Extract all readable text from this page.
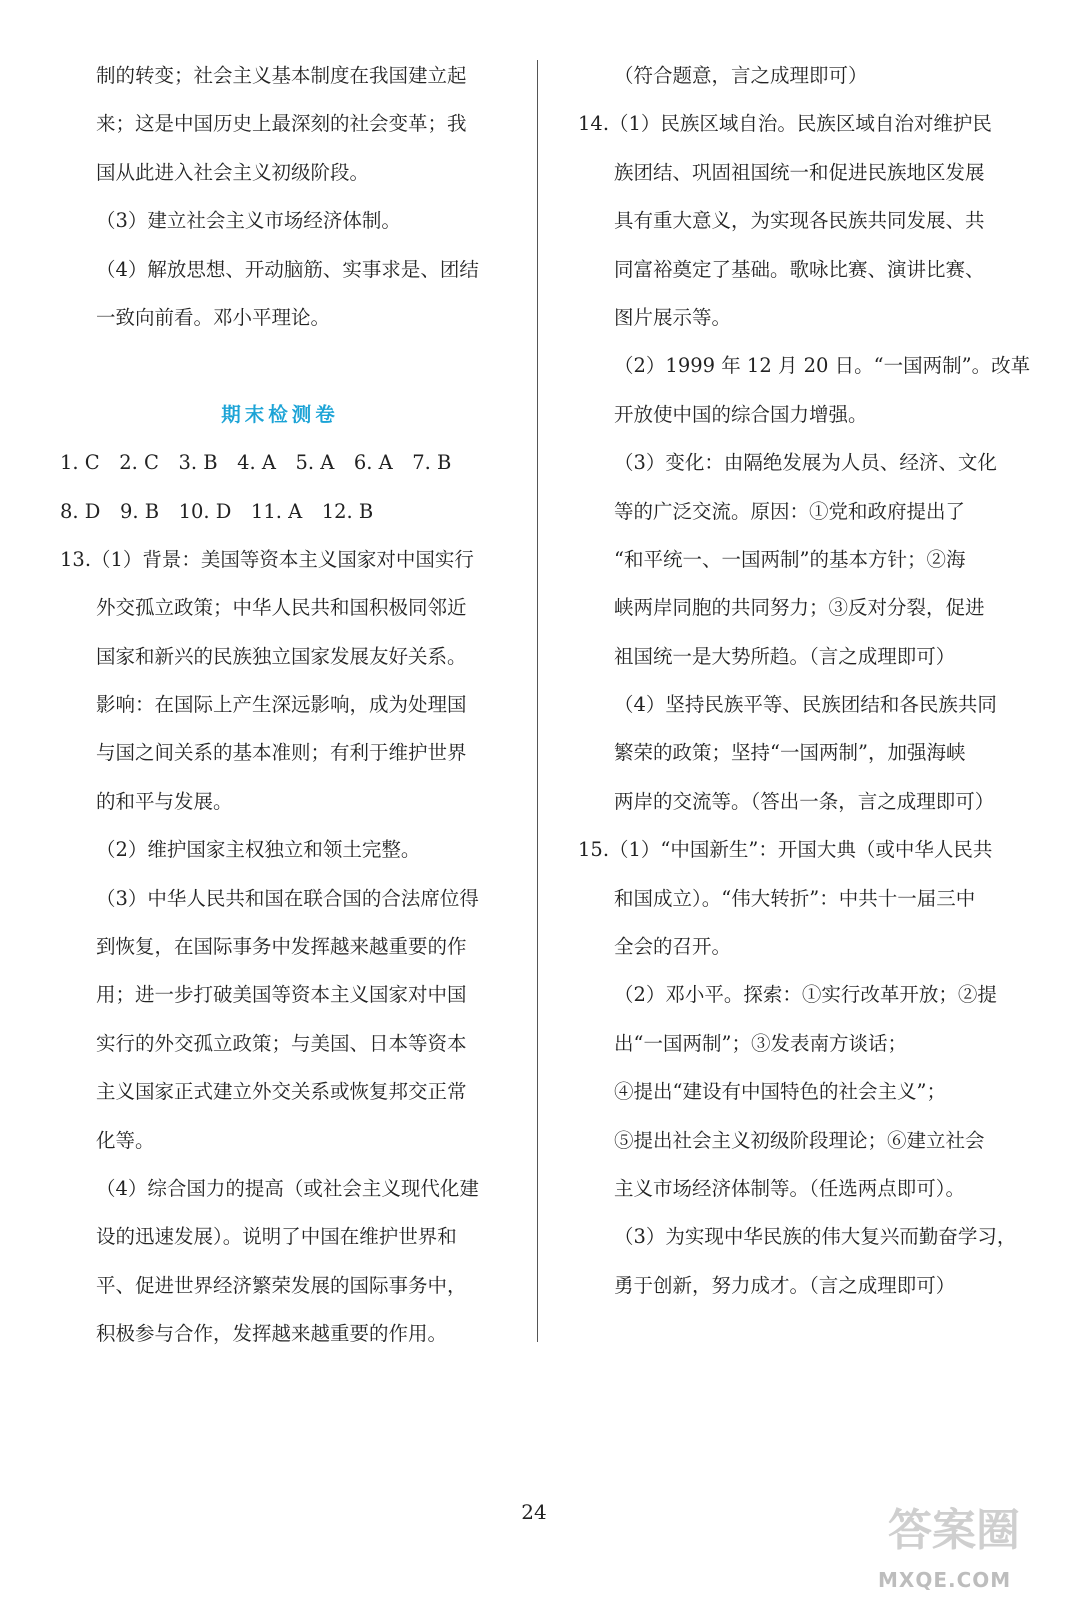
制的转变；社会主义基本制度在我国建立起
来；这是中国历史上最深刻的社会变革；我
国从此进入社会主义初级阶段。
（3）建立社会主义市场经济体制。
（4）解放思想、开动脑筋、实事求是、团结
一致向前看。邓小平理论。
期末检测卷
1. C　2. C　3. B　4. A　5. A　6. A　7. B
8. D　9. B　10. D　11. A　12. B
13.（1）背景：美国等资本主义国家对中国实行
外交孤立政策；中华人民共和国积极同邻近
国家和新兴的民族独立国家发展友好关系。
影响：在国际上产生深远影响，成为处理国
与国之间关系的基本准则；有利于维护世界
的和平与发展。
（2）维护国家主权独立和领土完整。
（3）中华人民共和国在联合国的合法席位得
到恢复，在国际事务中发挥越来越重要的作
用；进一步打破美国等资本主义国家对中国
实行的外交孤立政策；与美国、日本等资本
主义国家正式建立外交关系或恢复邦交正常
化等。
（4）综合国力的提高（或社会主义现代化建
设的迅速发展）。说明了中国在维护世界和
平、促进世界经济繁荣发展的国际事务中，
积极参与合作，发挥越来越重要的作用。
（符合题意，言之成理即可）
14.（1）民族区域自治。民族区域自治对维护民
族团结、巩固祖国统一和促进民族地区发展
具有重大意义，为实现各民族共同发展、共
同富裕奠定了基础。歌咏比赛、演讲比赛、
图片展示等。
（2）1999 年 12 月 20 日。“一国两制”。改革
开放使中国的综合国力增强。
（3）变化：由隔绝发展为人员、经济、文化
等的广泛交流。原因：①党和政府提出了
“和平统一、一国两制”的基本方针；②海
峡两岸同胞的共同努力；③反对分裂，促进
祖国统一是大势所趋。（言之成理即可）
（4）坚持民族平等、民族团结和各民族共同
繁荣的政策；坚持“一国两制”，加强海峡
两岸的交流等。（答出一条，言之成理即可）
15.（1）“中国新生”：开国大典（或中华人民共
和国成立）。“伟大转折”：中共十一届三中
全会的召开。
（2）邓小平。探索：①实行改革开放；②提
出“一国两制”；③发表南方谈话；
④提出“建设有中国特色的社会主义”；
⑤提出社会主义初级阶段理论；⑥建立社会
主义市场经济体制等。（任选两点即可）。
（3）为实现中华民族的伟大复兴而勤奋学习，
勇于创新，努力成才。（言之成理即可）
24	答案圈
MXQE.COM
